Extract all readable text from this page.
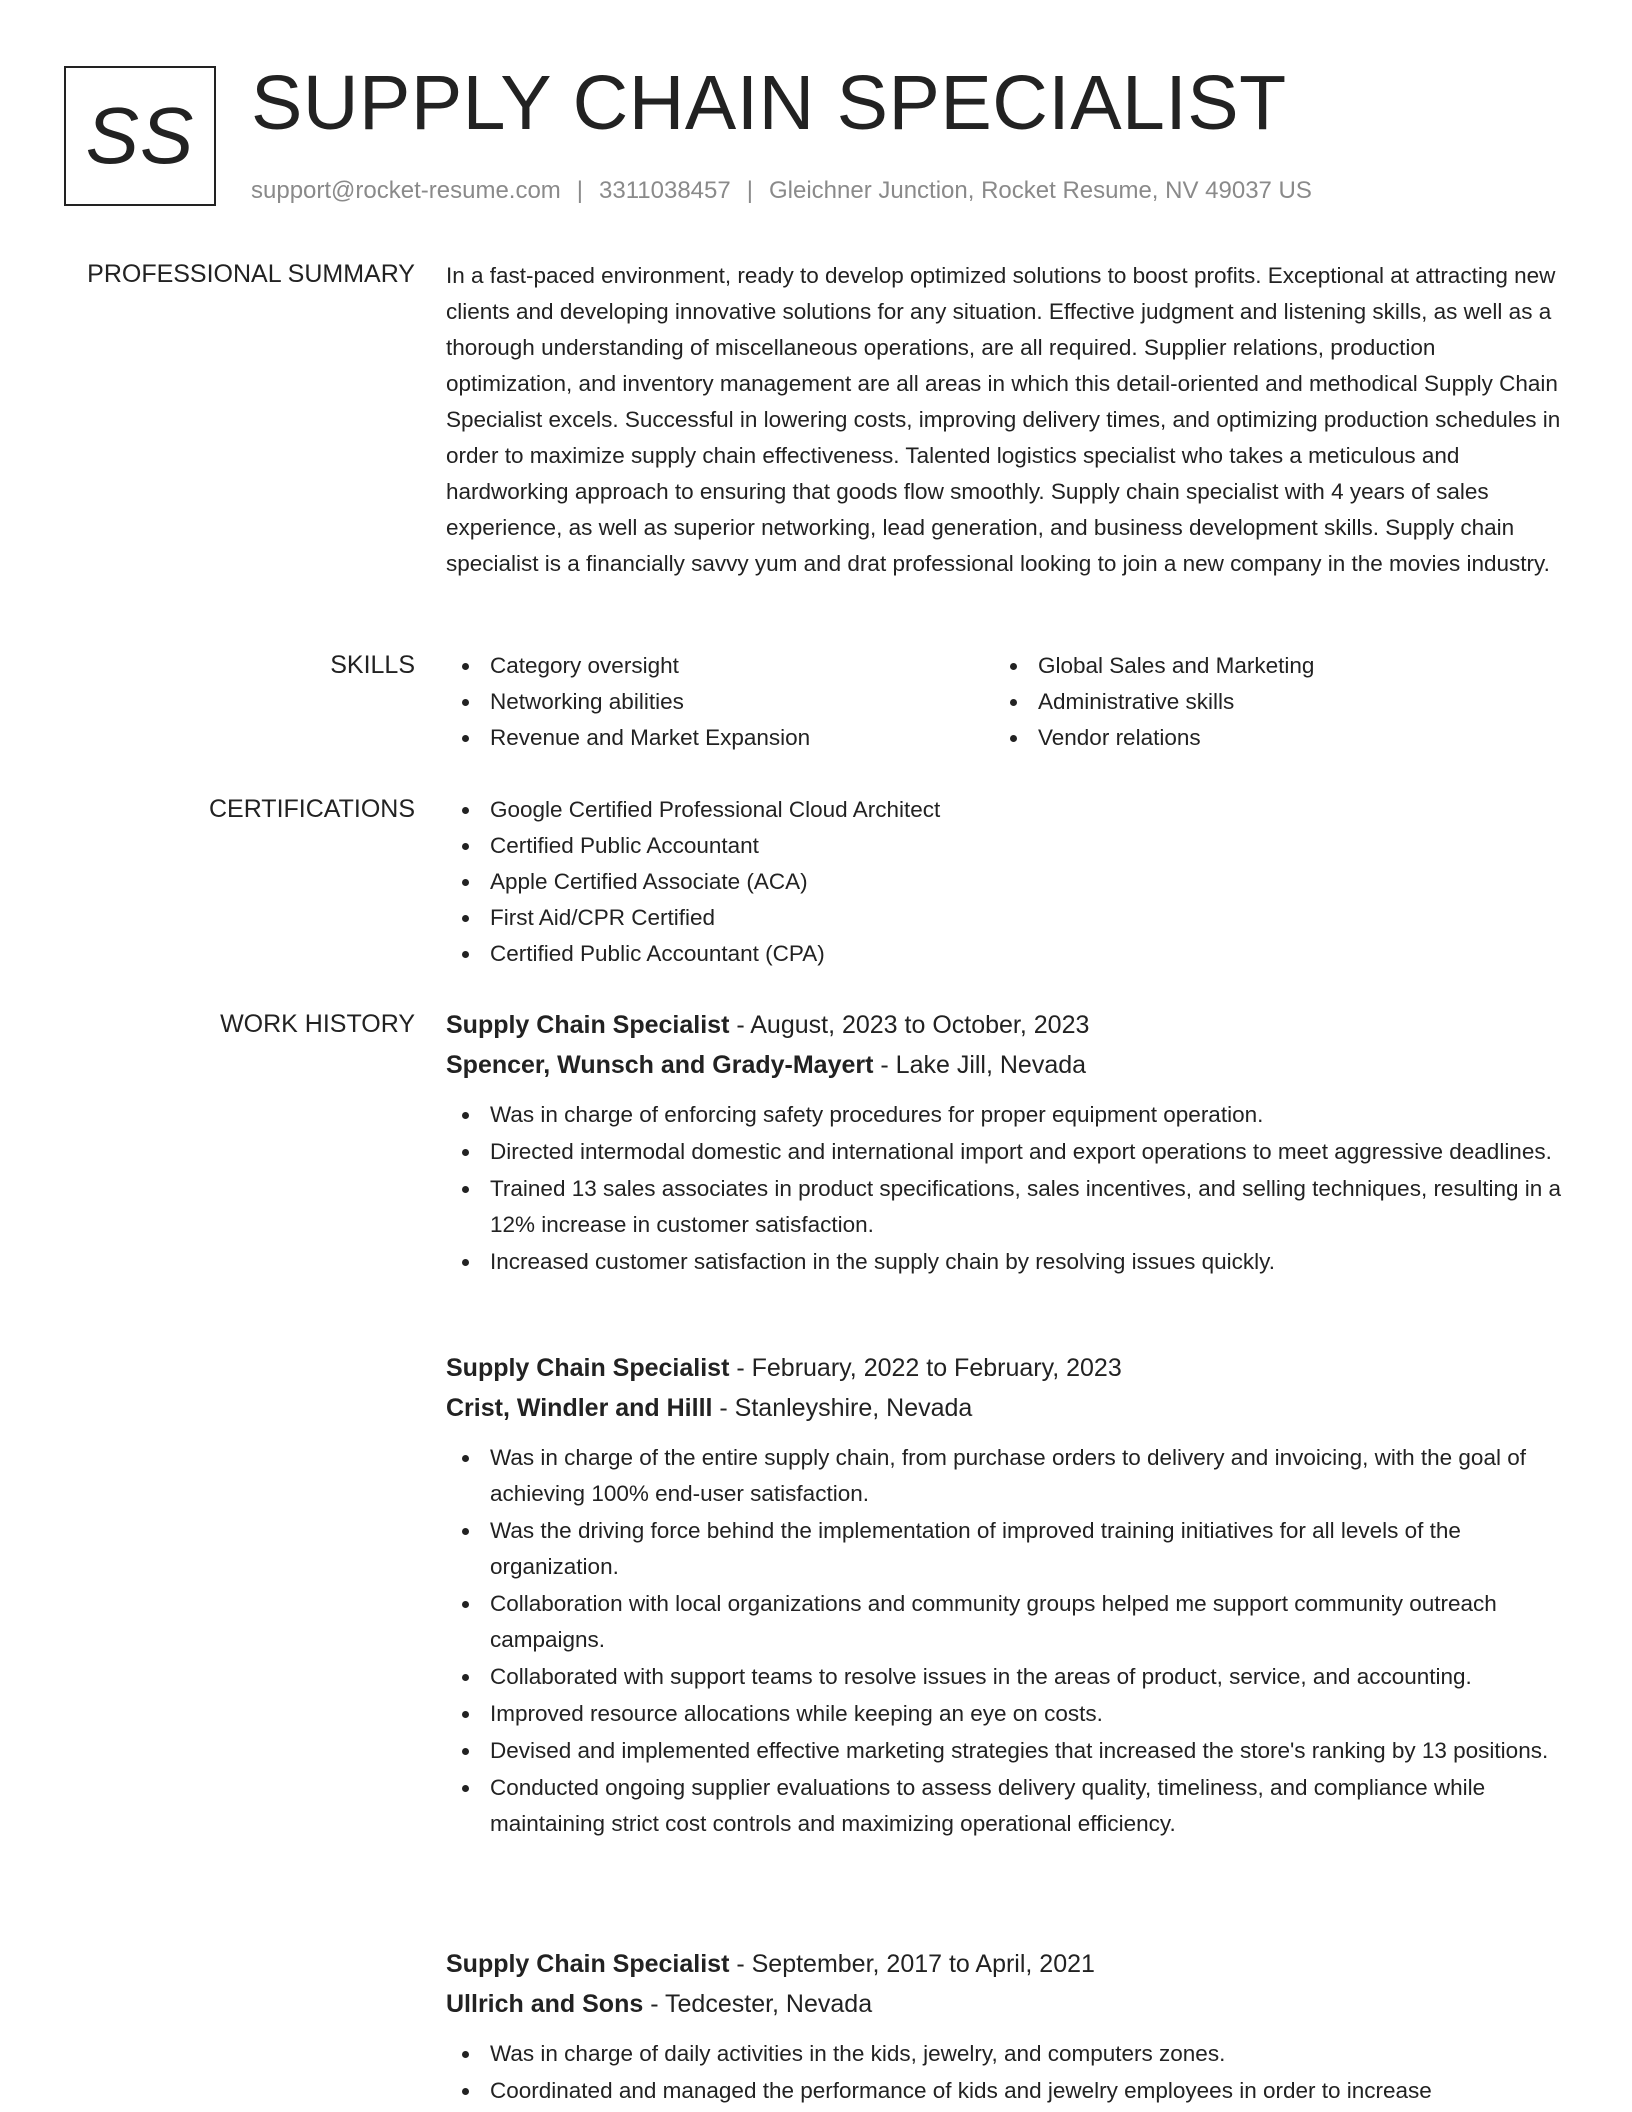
SS SUPPLY CHAIN SPECIALIST
support@rocket-resume.com | 3311038457 | Gleichner Junction, Rocket Resume, NV 49037 US
PROFESSIONAL SUMMARY In a fast-paced environment, ready to develop optimized solutions to boost profits. Exceptional at attracting new clients and developing innovative solutions for any situation. Effective judgment and listening skills, as well as a thorough understanding of miscellaneous operations, are all required. Supplier relations, production optimization, and inventory management are all areas in which this detail-oriented and methodical Supply Chain Specialist excels. Successful in lowering costs, improving delivery times, and optimizing production schedules in order to maximize supply chain effectiveness. Talented logistics specialist who takes a meticulous and hardworking approach to ensuring that goods flow smoothly. Supply chain specialist with 4 years of sales experience, as well as superior networking, lead generation, and business development skills. Supply chain specialist is a financially savvy yum and drat professional looking to join a new company in the movies industry.

SKILLS	Category oversight	Global Sales and Marketing
Networking abilities	Administrative skills
Revenue and Market Expansion	Vendor relations
CERTIFICATIONS	Google Certified Professional Cloud Architect
Certified Public Accountant
Apple Certified Associate (ACA)
First Aid/CPR Certified
Certified Public Accountant (CPA)
WORK HISTORY Supply Chain Specialist - August, 2023 to October, 2023
Spencer, Wunsch and Grady-Mayert - Lake Jill, Nevada
Was in charge of enforcing safety procedures for proper equipment operation.
Directed intermodal domestic and international import and export operations to meet aggressive deadlines.
Trained 13 sales associates in product specifications, sales incentives, and selling techniques, resulting in a 12% increase in customer satisfaction.
Increased customer satisfaction in the supply chain by resolving issues quickly.
Supply Chain Specialist - February, 2022 to February, 2023
Crist, Windler and Hilll - Stanleyshire, Nevada
Was in charge of the entire supply chain, from purchase orders to delivery and invoicing, with the goal of achieving 100% end-user satisfaction.
Was the driving force behind the implementation of improved training initiatives for all levels of the organization.
Collaboration with local organizations and community groups helped me support community outreach campaigns.
Collaborated with support teams to resolve issues in the areas of product, service, and accounting.
Improved resource allocations while keeping an eye on costs.
Devised and implemented effective marketing strategies that increased the store's ranking by 13 positions.
Conducted ongoing supplier evaluations to assess delivery quality, timeliness, and compliance while maintaining strict cost controls and maximizing operational efficiency.
Supply Chain Specialist - September, 2017 to April, 2021
Ullrich and Sons - Tedcester, Nevada
Was in charge of daily activities in the kids, jewelry, and computers zones.
Coordinated and managed the performance of kids and jewelry employees in order to increase
